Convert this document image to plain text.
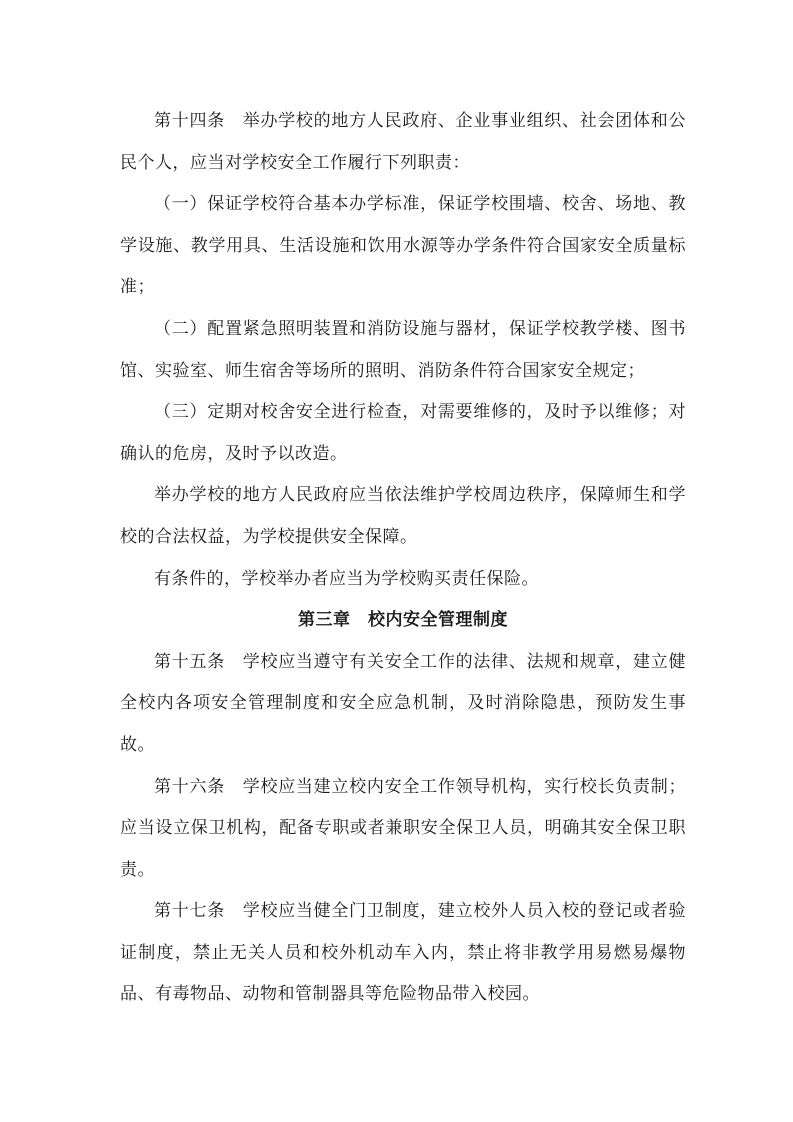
第十四条　举办学校的地方人民政府、企业事业组织、社会团体和公民个人，应当对学校安全工作履行下列职责：

（一）保证学校符合基本办学标准，保证学校围墙、校舍、场地、教学设施、教学用具、生活设施和饮用水源等办学条件符合国家安全质量标准；

（二）配置紧急照明装置和消防设施与器材，保证学校教学楼、图书馆、实验室、师生宿舍等场所的照明、消防条件符合国家安全规定；

（三）定期对校舍安全进行检查，对需要维修的，及时予以维修；对确认的危房，及时予以改造。

举办学校的地方人民政府应当依法维护学校周边秩序，保障师生和学校的合法权益，为学校提供安全保障。

有条件的，学校举办者应当为学校购买责任保险。

第三章　校内安全管理制度

第十五条　学校应当遵守有关安全工作的法律、法规和规章，建立健全校内各项安全管理制度和安全应急机制，及时消除隐患，预防发生事故。

第十六条　学校应当建立校内安全工作领导机构，实行校长负责制；应当设立保卫机构，配备专职或者兼职安全保卫人员，明确其安全保卫职责。

第十七条　学校应当健全门卫制度，建立校外人员入校的登记或者验证制度，禁止无关人员和校外机动车入内，禁止将非教学用易燃易爆物品、有毒物品、动物和管制器具等危险物品带入校园。
